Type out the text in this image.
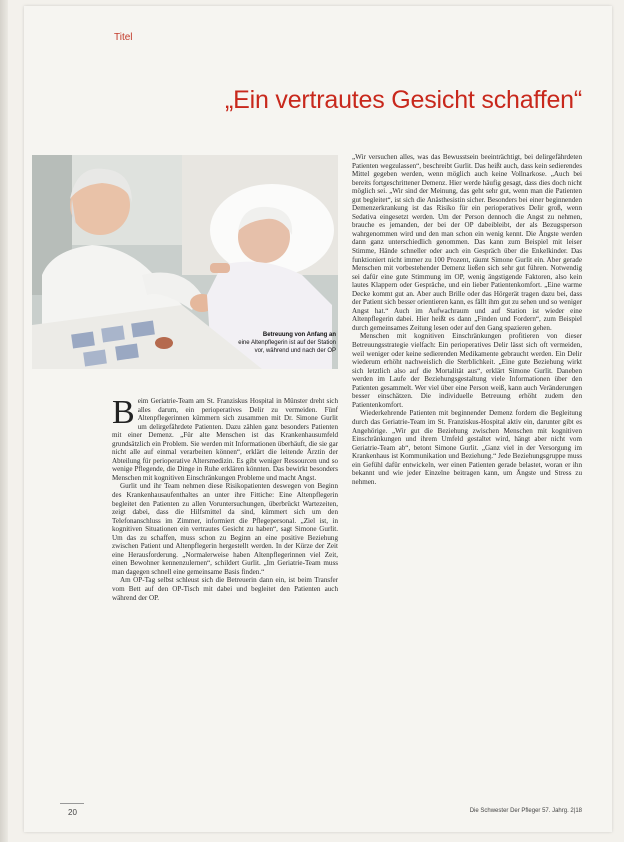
Titel
„Ein vertrautes Gesicht schaffen“
Betreuung von Anfang an
eine Altenpflegerin ist auf der Station vor, während und nach der OP
B eim Geriatrie-Team am St. Franziskus Hospital in Münster dreht sich alles darum, ein perioperatives Delir zu vermeiden. Fünf Altenpflegerinnen kümmern sich zusammen mit Dr. Simone Gurlit um delirgefährdete Patienten. Dazu zählen ganz besonders Patienten mit einer Demenz. „Für alte Menschen ist das Krankenhausumfeld grundsätzlich ein Problem. Sie werden mit Informationen überhäuft, die sie gar nicht alle auf einmal verarbeiten können“, erklärt die leitende Ärztin der Abteilung für perioperative Altersmedizin. Es gibt weniger Ressourcen und so wenige Pflegende, die Dinge in Ruhe erklären könnten. Das bewirkt besonders Menschen mit kognitiven Einschränkungen Probleme und macht Angst.

Gurlit und ihr Team nehmen diese Risikopatienten deswegen von Beginn des Krankenhausaufenthaltes an unter ihre Fittiche: Eine Altenpflegerin begleitet den Patienten zu allen Voruntersuchungen, überbrückt Wartezeiten, zeigt dabei, dass die Hilfsmittel da sind, kümmert sich um den Telefonanschluss im Zimmer, informiert die Pflegepersonal. „Ziel ist, in kognitiven Situationen ein vertrautes Gesicht zu haben“, sagt Simone Gurlit. Um das zu schaffen, muss schon zu Beginn an eine positive Beziehung zwischen Patient und Altenpflegerin hergestellt werden. In der Kürze der Zeit eine Herausforderung. „Normalerweise haben Altenpflegerinnen viel Zeit, einen Bewohner kennenzulernen“, schildert Gurlit. „Im Geriatrie-Team muss man dagegen schnell eine gemeinsame Basis finden.“

Am OP-Tag selbst schleust sich die Betreuerin dann ein, ist beim Transfer vom Bett auf den OP-Tisch mit dabei und begleitet den Patienten auch während der OP.

„Wir versuchen alles, was das Bewusstsein beeinträchtigt, bei delirgefährdeten Patienten wegzulassen“, beschreibt Gurlit. Das heißt auch, dass kein sedierendes Mittel gegeben werden, wenn möglich auch keine Vollnarkose. „Auch bei bereits fortgeschrittener Demenz. Hier werde häufig gesagt, dass dies doch nicht möglich sei. „Wir sind der Meinung, das geht sehr gut, wenn man die Patienten gut begleitet“, ist sich die Anästhesistin sicher. Besonders bei einer beginnenden Demenzerkrankung ist das Risiko für ein perioperatives Delir groß, wenn Sedativa eingesetzt werden. Um der Person dennoch die Angst zu nehmen, brauche es jemanden, der bei der OP dabeibleibt, der als Bezugsperson wahrgenommen wird und den man schon ein wenig kennt. Die Ängste werden dann ganz unterschiedlich genommen. Das kann zum Beispiel mit leiser Stimme, Hände schneller oder auch ein Gespräch über die Enkelkinder. Das funktioniert nicht immer zu 100 Prozent, räumt Simone Gurlit ein. Aber gerade Menschen mit vorbestehender Demenz ließen sich sehr gut führen. Notwendig sei dafür eine gute Stimmung im OP, wenig ängstigende Faktoren, also kein lautes Klappern oder Gespräche, und ein lieber Patientenkomfort. „Eine warme Decke kommt gut an. Aber auch Brille oder das Hörgerät tragen dazu bei, dass der Patient sich besser orientieren kann, es fällt ihm gut zu sehen und so weniger Angst hat.“ Auch im Aufwachraum und auf Station ist wieder eine Altenpflegerin dabei. Hier heißt es dann „Finden und Fordern“, zum Beispiel durch gemeinsames Zeitung lesen oder auf den Gang spazieren gehen.

Menschen mit kognitiven Einschränkungen profitieren von dieser Betreuungsstrategie vielfach: Ein perioperatives Delir lässt sich oft vermeiden, weil weniger oder keine sedierenden Medikamente gebraucht werden. Ein Delir wiederum erhöht nachweislich die Sterblichkeit. „Eine gute Beziehung wirkt sich letztlich also auf die Mortalität aus“, erklärt Simone Gurlit. Daneben werden im Laufe der Beziehungsgestaltung viele Informationen über den Patienten gesammelt. Wer viel über eine Person weiß, kann auch Veränderungen besser einschätzen. Die individuelle Betreuung erhöht zudem den Patientenkomfort.

Wiederkehrende Patienten mit beginnender Demenz fordern die Begleitung durch das Geriatrie-Team im St. Franziskus-Hospital aktiv ein, darunter gibt es Angehörige. „Wir gut die Beziehung zwischen Menschen mit kognitiven Einschränkungen und ihrem Umfeld gestaltet wird, hängt aber nicht vom Geriatrie-Team ab“, betont Simone Gurlit. „Ganz viel in der Versorgung im Krankenhaus ist Kommunikation und Beziehung.“ Jede Beziehungsgruppe muss ein Gefühl dafür entwickeln, wer einen Patienten gerade belastet, woran er ihn bekannt und wie jeder Einzelne beitragen kann, um Ängste und Stress zu nehmen.

20	Die Schwester Der Pfleger 57. Jahrg. 2|18
